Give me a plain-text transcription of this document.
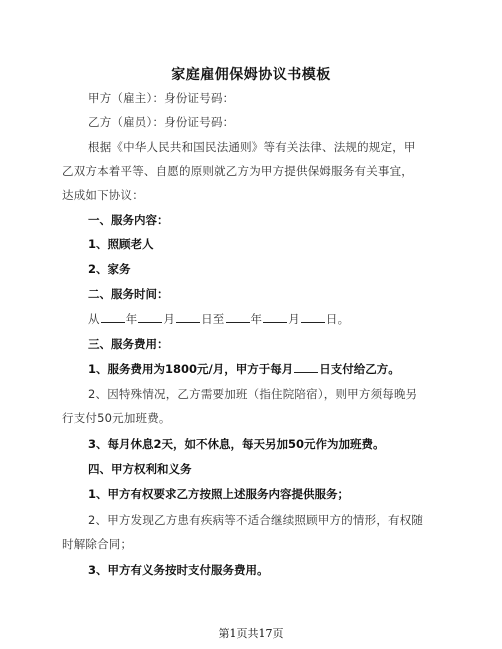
家庭雇佣保姆协议书模板
甲方（雇主）：身份证号码：
乙方（雇员）：身份证号码：
根据《中华人民共和国民法通则》等有关法律、法规的规定，甲
乙双方本着平等、自愿的原则就乙方为甲方提供保姆服务有关事宜，
达成如下协议：
一、服务内容：
1、照顾老人
2、家务
二、服务时间：
从 年 月 日至 年 月 日。
三、服务费用：
1、服务费用为1800元/月，甲方于每月 日支付给乙方。
2、因特殊情况，乙方需要加班（指住院陪宿），则甲方须每晚另
行支付50元加班费。
3、每月休息2天，如不休息，每天另加50元作为加班费。
四、甲方权利和义务
1、甲方有权要求乙方按照上述服务内容提供服务；
2、甲方发现乙方患有疾病等不适合继续照顾甲方的情形，有权随
时解除合同；
3、甲方有义务按时支付服务费用。
第1页共17页
